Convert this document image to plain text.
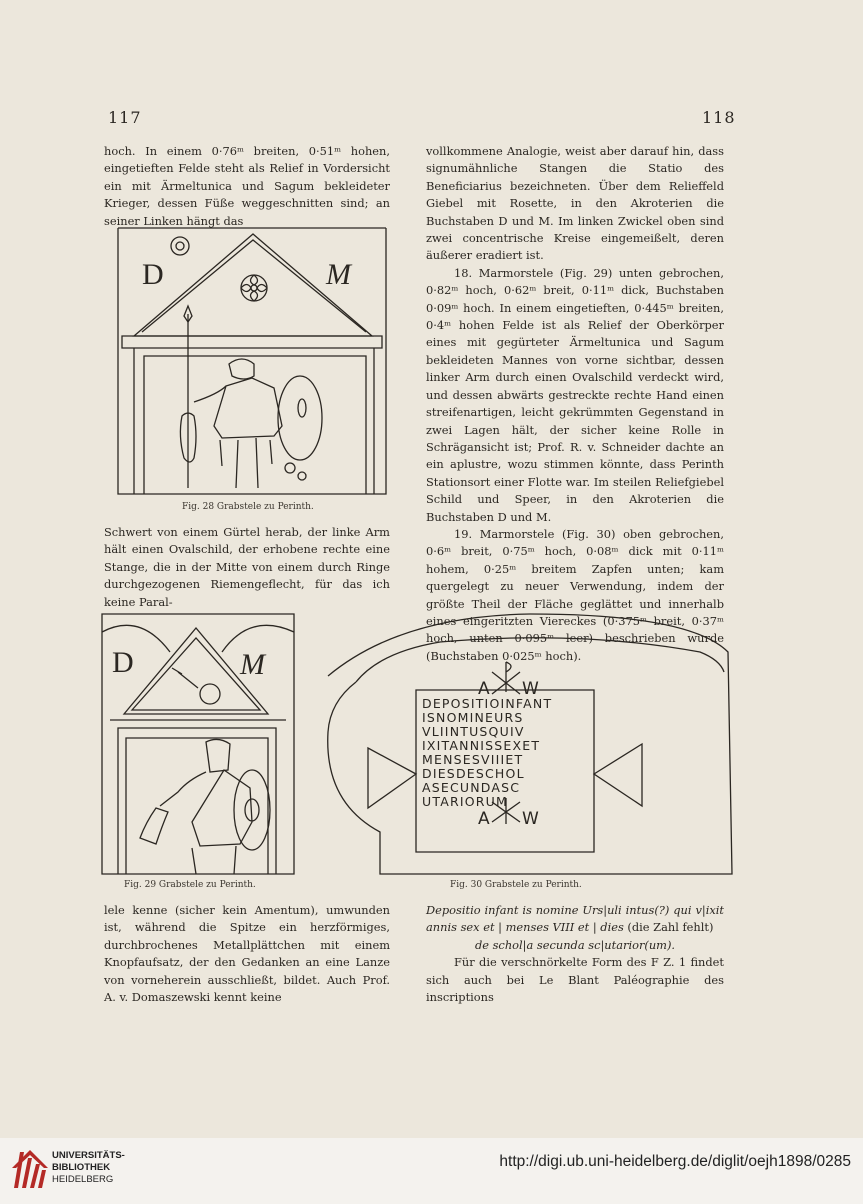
117	118

hoch. In einem 0·76ᵐ breiten, 0·51ᵐ hohen, eingetieften Felde steht als Relief in Vordersicht ein mit Ärmeltunica und Sagum bekleideter Krieger, dessen Füße weggeschnitten sind; an seiner Linken hängt das

D	M
Fig. 28 Grabstele zu Perinth.

Schwert von einem Gürtel herab, der linke Arm hält einen Ovalschild, der erhobene rechte eine Stange, die in der Mitte von einem durch Ringe durchgezogenen Riemengeflecht, für das ich keine Paral-

D	M
Fig. 29 Grabstele zu Perinth.
A W
A W
DEPOSITIOINFANT
ISNOMINEURS
VLIINTUSQUIV
IXITANNISSEXET
MENSESVIIIET
DIESDESCHOL
ASECUNDASC
UTARIORUM
Fig. 30 Grabstele zu Perinth.

lele kenne (sicher kein Amentum), umwunden ist, während die Spitze ein herzförmiges, durchbrochenes Metallplättchen mit einem Knopfaufsatz, der den Gedanken an eine Lanze von vorneherein ausschließt, bildet. Auch Prof. A. v. Domaszewski kennt keine

vollkommene Analogie, weist aber darauf hin, dass signumähnliche Stangen die Statio des Beneficiarius bezeichneten. Über dem Relieffeld Giebel mit Rosette, in den Akroterien die Buchstaben D und M. Im linken Zwickel oben sind zwei concentrische Kreise eingemeißelt, deren äußerer eradiert ist.

18. Marmorstele (Fig. 29) unten gebrochen, 0·82ᵐ hoch, 0·62ᵐ breit, 0·11ᵐ dick, Buchstaben 0·09ᵐ hoch. In einem eingetieften, 0·445ᵐ breiten, 0·4ᵐ hohen Felde ist als Relief der Oberkörper eines mit gegürteter Ärmeltunica und Sagum bekleideten Mannes von vorne sichtbar, dessen linker Arm durch einen Ovalschild verdeckt wird, und dessen abwärts gestreckte rechte Hand einen streifenartigen, leicht gekrümmten Gegenstand in zwei Lagen hält, der sicher keine Rolle in Schrägansicht ist; Prof. R. v. Schneider dachte an ein aplustre, wozu stimmen könnte, dass Perinth Stationsort einer Flotte war. Im steilen Reliefgiebel Schild und Speer, in den Akroterien die Buchstaben D und M.

19. Marmorstele (Fig. 30) oben gebrochen, 0·6ᵐ breit, 0·75ᵐ hoch, 0·08ᵐ dick mit 0·11ᵐ hohem, 0·25ᵐ breitem Zapfen unten; kam quergelegt zu neuer Verwendung, indem der größte Theil der Fläche geglättet und innerhalb eines eingeritzten Viereckes (0·375ᵐ breit, 0·37ᵐ hoch, unten 0·095ᵐ leer) beschrieben wurde (Buchstaben 0·025ᵐ hoch).

Depositio infant is nomine Urs|uli intus(?) qui v|ixit annis sex et | menses VIII et | dies (die Zahl fehlt)

de schol|a secunda sc|utarior(um).

Für die verschnörkelte Form des F Z. 1 findet sich auch bei Le Blant Paléographie des inscriptions

UNIVERSITÄTS-
BIBLIOTHEK
HEIDELBERG
http://digi.ub.uni-heidelberg.de/diglit/oejh1898/0285
